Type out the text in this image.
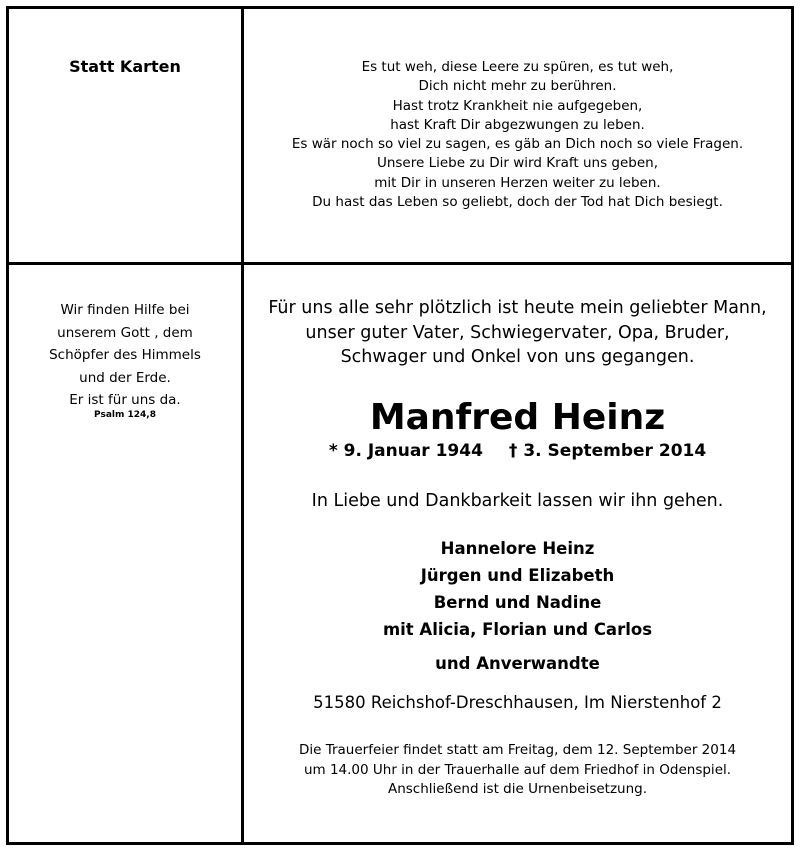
Statt Karten	Es tut weh, diese Leere zu spüren, es tut weh,
Dich nicht mehr zu berühren.
Hast trotz Krankheit nie aufgegeben,
hast Kraft Dir abgezwungen zu leben.
Es wär noch so viel zu sagen, es gäb an Dich noch so viele Fragen.
Unsere Liebe zu Dir wird Kraft uns geben,
mit Dir in unseren Herzen weiter zu leben.
Du hast das Leben so geliebt, doch der Tod hat Dich besiegt.
Wir finden Hilfe bei
unserem Gott , dem
Schöpfer des Himmels
und der Erde.
Er ist für uns da.
Psalm 124,8
Für uns alle sehr plötzlich ist heute mein geliebter Mann,
unser guter Vater, Schwiegervater, Opa, Bruder,
Schwager und Onkel von uns gegangen.
Manfred Heinz
* 9. Januar 1944 † 3. September 2014
In Liebe und Dankbarkeit lassen wir ihn gehen.
Hannelore Heinz
Jürgen und Elizabeth
Bernd und Nadine
mit Alicia, Florian und Carlos
und Anverwandte
51580 Reichshof-Dreschhausen, Im Nierstenhof 2
Die Trauerfeier findet statt am Freitag, dem 12. September 2014
um 14.00 Uhr in der Trauerhalle auf dem Friedhof in Odenspiel.
Anschließend ist die Urnenbeisetzung.
